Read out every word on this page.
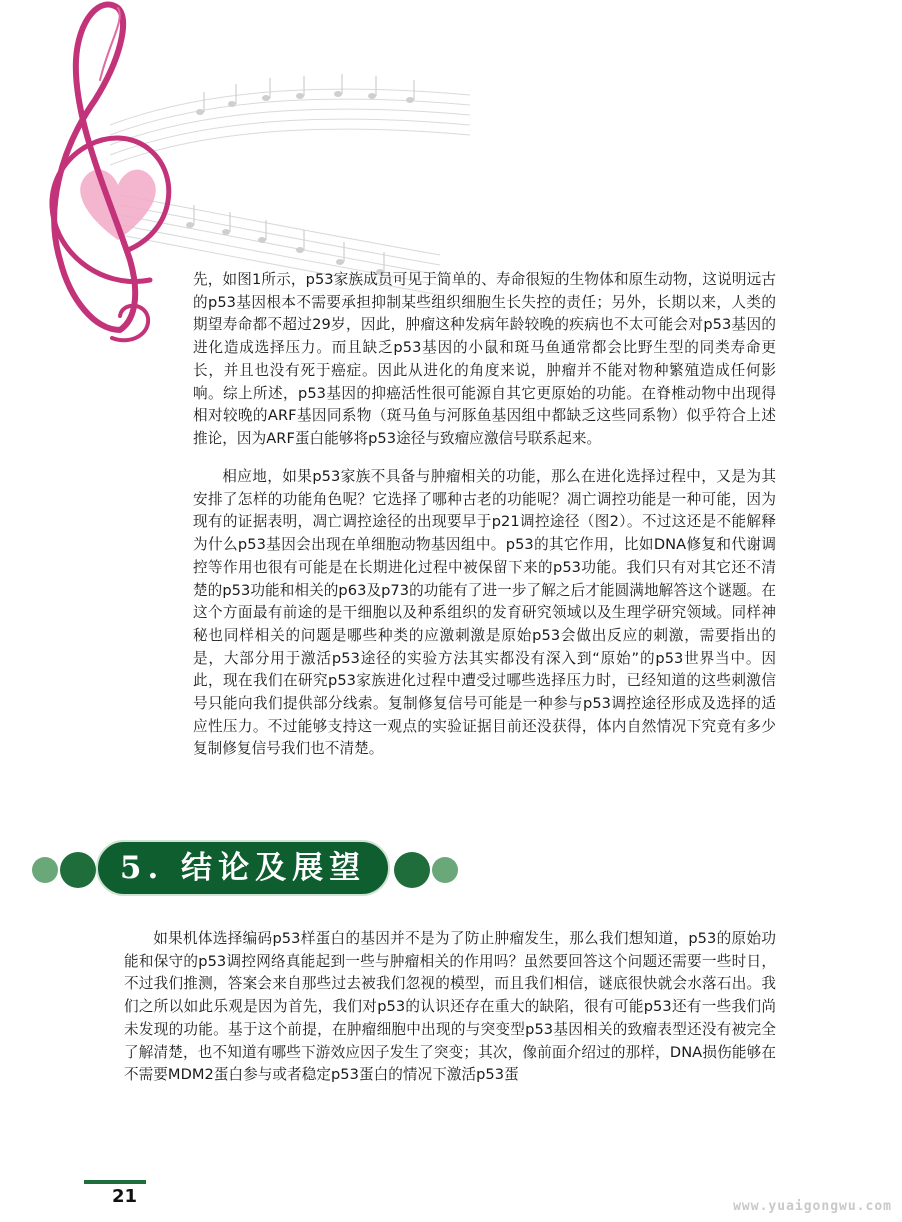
先，如图1所示，p53家族成员可见于简单的、寿命很短的生物体和原生动物，这说明远古的p53基因根本不需要承担抑制某些组织细胞生长失控的责任；另外，长期以来，人类的期望寿命都不超过29岁，因此，肿瘤这种发病年龄较晚的疾病也不太可能会对p53基因的进化造成选择压力。而且缺乏p53基因的小鼠和斑马鱼通常都会比野生型的同类寿命更长，并且也没有死于癌症。因此从进化的角度来说，肿瘤并不能对物种繁殖造成任何影响。综上所述，p53基因的抑癌活性很可能源自其它更原始的功能。在脊椎动物中出现得相对较晚的ARF基因同系物（斑马鱼与河豚鱼基因组中都缺乏这些同系物）似乎符合上述推论，因为ARF蛋白能够将p53途径与致瘤应激信号联系起来。

相应地，如果p53家族不具备与肿瘤相关的功能，那么在进化选择过程中，又是为其安排了怎样的功能角色呢？它选择了哪种古老的功能呢？凋亡调控功能是一种可能，因为现有的证据表明，凋亡调控途径的出现要早于p21调控途径（图2）。不过这还是不能解释为什么p53基因会出现在单细胞动物基因组中。p53的其它作用，比如DNA修复和代谢调控等作用也很有可能是在长期进化过程中被保留下来的p53功能。我们只有对其它还不清楚的p53功能和相关的p63及p73的功能有了进一步了解之后才能圆满地解答这个谜题。在这个方面最有前途的是干细胞以及种系组织的发育研究领域以及生理学研究领域。同样神秘也同样相关的问题是哪些种类的应激刺激是原始p53会做出反应的刺激，需要指出的是，大部分用于激活p53途径的实验方法其实都没有深入到“原始”的p53世界当中。因此，现在我们在研究p53家族进化过程中遭受过哪些选择压力时，已经知道的这些刺激信号只能向我们提供部分线索。复制修复信号可能是一种参与p53调控途径形成及选择的适应性压力。不过能够支持这一观点的实验证据目前还没获得，体内自然情况下究竟有多少复制修复信号我们也不清楚。

5. 结论及展望

如果机体选择编码p53样蛋白的基因并不是为了防止肿瘤发生，那么我们想知道，p53的原始功能和保守的p53调控网络真能起到一些与肿瘤相关的作用吗？虽然要回答这个问题还需要一些时日，不过我们推测，答案会来自那些过去被我们忽视的模型，而且我们相信，谜底很快就会水落石出。我们之所以如此乐观是因为首先，我们对p53的认识还存在重大的缺陷，很有可能p53还有一些我们尚未发现的功能。基于这个前提，在肿瘤细胞中出现的与突变型p53基因相关的致瘤表型还没有被完全了解清楚，也不知道有哪些下游效应因子发生了突变；其次，像前面介绍过的那样，DNA损伤能够在不需要MDM2蛋白参与或者稳定p53蛋白的情况下激活p53蛋

21	www.yuaigongwu.com
